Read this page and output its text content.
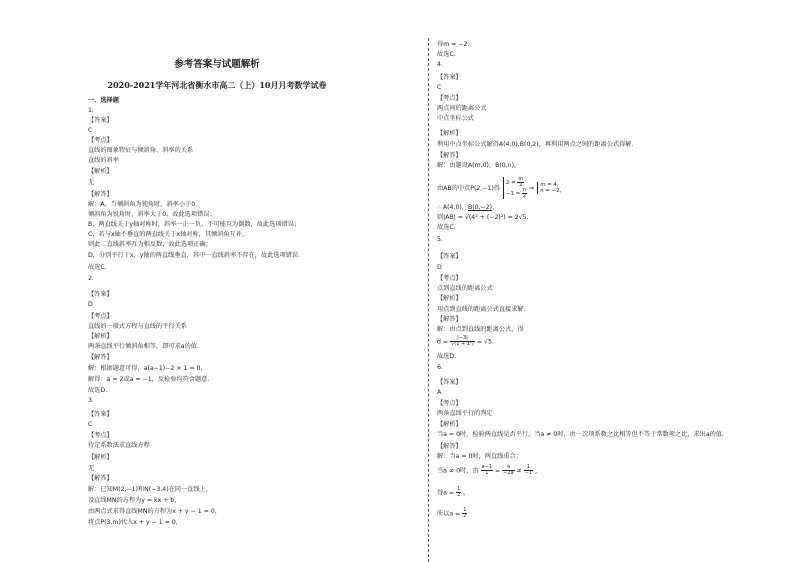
参考答案与试题解析
2020-2021学年河北省衡水市高二（上）10月月考数学试卷
一、选择题
1.
【答案】
C
【考点】
直线的图象特征与倾斜角、斜率的关系
直线的斜率
【解析】
无
【解答】
解：A，当倾斜角为钝角时，斜率小于0，
倾斜角为锐角时，斜率大于0，故此选项错误；
B，两直线关于y轴对称时，斜率一正一负，不可能互为倒数，故此选项错误；
C，若与x轴不垂直的两直线关于x轴对称，其倾斜角互补，
则此二直线斜率互为相反数，故此选项正确；
D，分别平行于x，y轴的两直线垂直，其中一直线斜率不存在，故此选项错误.
故选C.
2.
【答案】
D
【考点】
直线的一般式方程与直线的平行关系
【解析】
两条直线平行倾斜角相等，即可求a的值.
【解答】
解：根据题意可得，a(a−1)−2 × 1 = 0，
解得：a = 2或a = −1，反检验均符合题意.
故选D.
3.
【答案】
C
【考点】
待定系数法求直线方程
【解析】
无
【解答】
解：已知M(2,−1)和N(−3,4)在同一直线上，
设直线MN的方程为y = kx + b，
由两点式求得直线MN的方程为x + y − 1 = 0，
将点P(3,m)代入x + y − 1 = 0，
得m = −2.
故选C.
4.
【答案】
C
【考点】
两点间的距离公式
中点坐标公式
【解析】
利用中点坐标公式解得A(4,0),B(0,2)，再利用两点之间的距离公式得解.
【解答】
解：由题设A(m,0)，B(0,n)，
由AB的中点P(2,−1)得
$2 = \frac{m}{2}$
$-1 = \frac{n}{2}$ ⇒ m = 4,
n = −2,
∴ A(4,0)，B(0,−2)，
则|AB| = √(4² + (−2)²) = 2√5.
故选C.
5.
【答案】
D
【考点】
点到直线的距离公式
【解析】
用点到直线的距离公式直接求解.
【解答】
解：由点到直线的距离公式，得
$d = \frac{|-3|}{\text{√(1 + 1²)}} = √5$.
故选D.
6.
【答案】
A
【考点】
两条直线平行的判定
【解析】
当a = 0时，检验两直线是否平行，当a ≠ 0时，由一次项系数之比相等但不等于常数项之比，求出a的值.
【解答】
解：当a = 0时，两直线重合；
当a ≠ 0时，由 $\frac{a-1}{1} = \frac{a}{-2a} \ne \frac{1}{-1}$ ，
得$a = \frac{1}{2}$ ，
所以$a = \frac{1}{2}$
